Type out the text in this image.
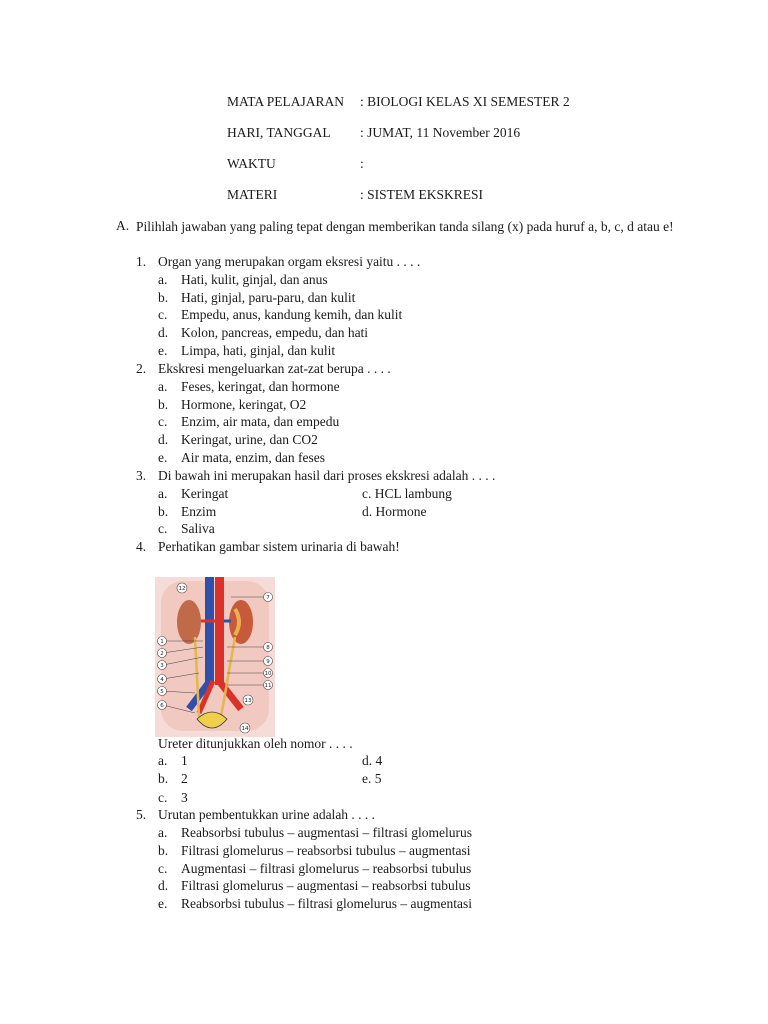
MATA PELAJARAN : BIOLOGI KELAS XI SEMESTER 2
HARI, TANGGAL : JUMAT, 11 November 2016
WAKTU	:
MATERI	: SISTEM EKSKRESI
A. Pilihlah jawaban yang paling tepat dengan memberikan tanda silang (x) pada huruf a, b, c, d atau e!
1. Organ yang merupakan orgam eksresi yaitu . . . .
a. Hati, kulit, ginjal, dan anus
b. Hati, ginjal, paru-paru, dan kulit
c. Empedu, anus, kandung kemih, dan kulit
d. Kolon, pancreas, empedu, dan hati
e. Limpa, hati, ginjal, dan kulit
2. Ekskresi mengeluarkan zat-zat berupa . . . .
a. Feses, keringat, dan hormone
b. Hormone, keringat, O2
c. Enzim, air mata, dan empedu
d. Keringat, urine, dan CO2
e. Air mata, enzim, dan feses
3. Di bawah ini merupakan hasil dari proses ekskresi adalah . . . .
a. Keringat	c. HCL lambung
b. Enzim	d. Hormone
c. Saliva
4. Perhatikan gambar sistem urinaria di bawah!
12
7
1
2
3
4
5
6
8
9
10
11
13
14
Ureter ditunjukkan oleh nomor . . . .
a. 1	d. 4
b. 2	e. 5
c. 3
5. Urutan pembentukkan urine adalah . . . .
a. Reabsorbsi tubulus – augmentasi – filtrasi glomelurus
b. Filtrasi glomelurus – reabsorbsi tubulus – augmentasi
c. Augmentasi – filtrasi glomelurus – reabsorbsi tubulus
d. Filtrasi glomelurus – augmentasi – reabsorbsi tubulus
e. Reabsorbsi tubulus – filtrasi glomelurus – augmentasi
